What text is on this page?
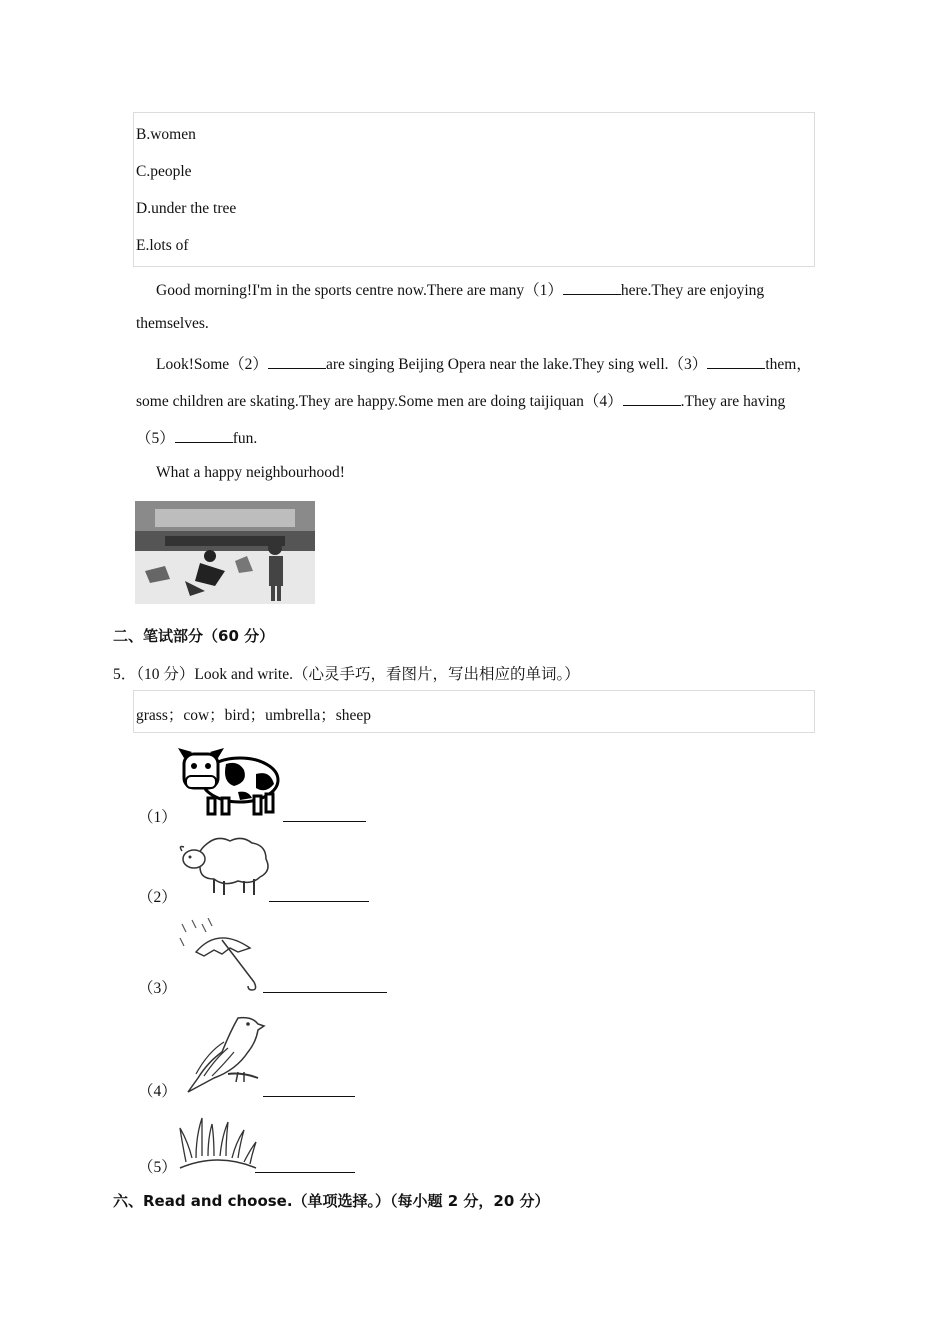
B.women
C.people
D.under the tree
E.lots of
Good morning!I'm in the sports centre now.There are many（1）	here.They are enjoying
themselves.
Look!Some（2）	are singing Beijing Opera near the lake.They sing well.（3）	them，
some children are skating.They are happy.Some men are doing taijiquan（4）	.They are having
（5）	fun.
What a happy neighbourhood!
二、笔试部分（60 分）
5．（10 分）Look and write.（心灵手巧，看图片，写出相应的单词。）
grass；cow；bird；umbrella；sheep
（1）
（2）
（3）
（4）
（5）
六、Read and choose.（单项选择。）（每小题 2 分，20 分）
